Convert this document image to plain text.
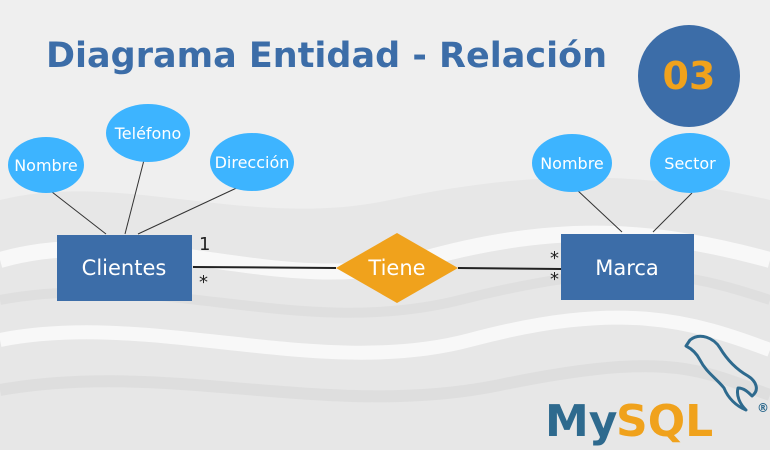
Diagrama Entidad - Relación	03
Nombre
Teléfono
Dirección	Nombre	Sector
Clientes	Marca
Tiene
1
*
*
*
My
SQL	®
